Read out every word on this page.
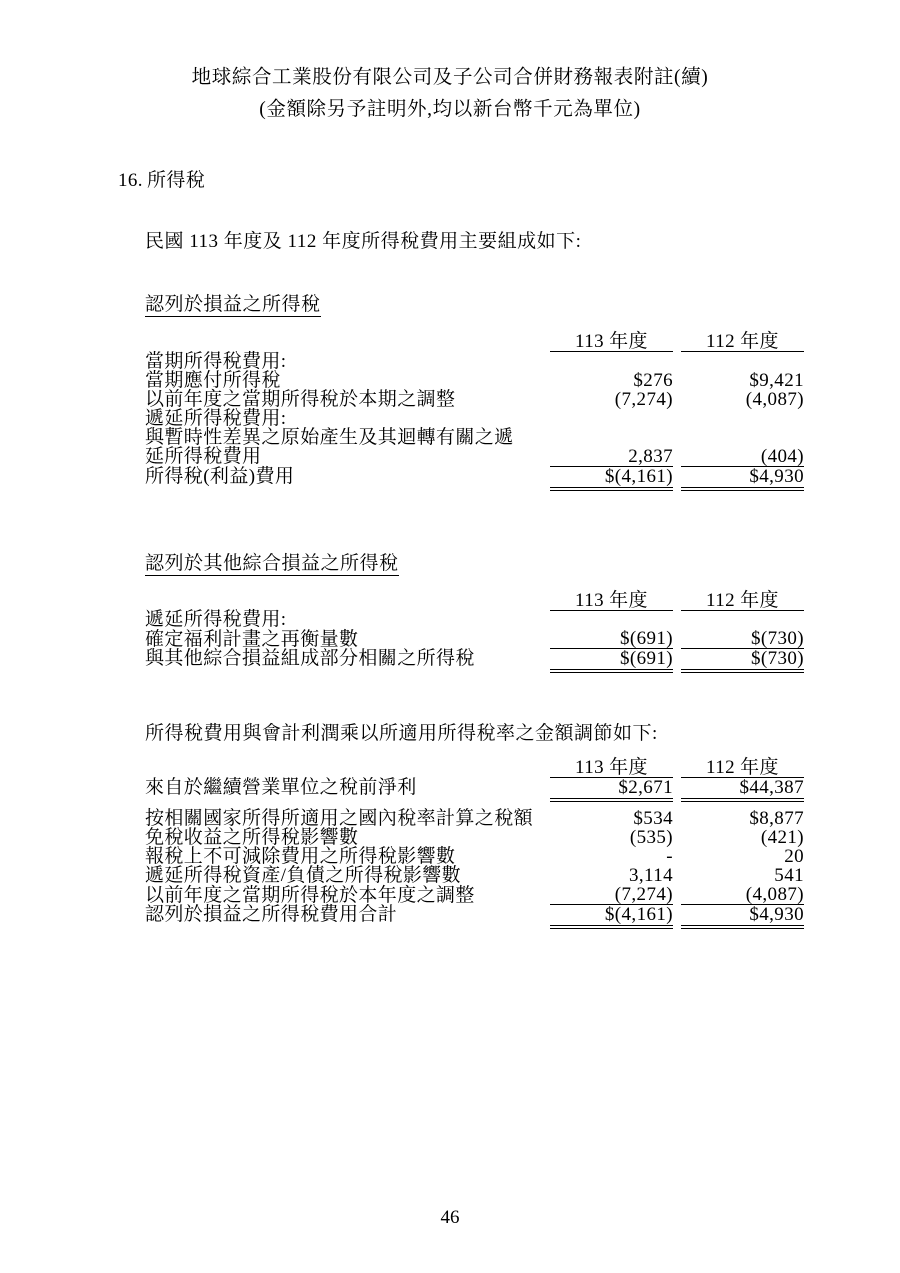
地球綜合工業股份有限公司及子公司合併財務報表附註(續)
(金額除另予註明外,均以新台幣千元為單位)
16. 所得稅
民國 113 年度及 112 年度所得稅費用主要組成如下:
認列於損益之所得稅

	113 年度		112 年度
當期所得稅費用:			
當期應付所得稅	$276		$9,421
以前年度之當期所得稅於本期之調整	(7,274)		(4,087)
遞延所得稅費用:			
與暫時性差異之原始產生及其迴轉有關之遞			
延所得稅費用	2,837		(404)
所得稅(利益)費用	$(4,161)		$4,930
認列於其他綜合損益之所得稅

	113 年度		112 年度
遞延所得稅費用:			
確定福利計畫之再衡量數	$(691)		$(730)
與其他綜合損益組成部分相關之所得稅	$(691)		$(730)
所得稅費用與會計利潤乘以所適用所得稅率之金額調節如下:

	113 年度		112 年度
來自於繼續營業單位之稅前淨利	$2,671		$44,387
按相關國家所得所適用之國內稅率計算之稅額	$534		$8,877
免稅收益之所得稅影響數	(535)		(421)
報稅上不可減除費用之所得稅影響數	-		20
遞延所得稅資產/負債之所得稅影響數	3,114		541
以前年度之當期所得稅於本年度之調整	(7,274)		(4,087)
認列於損益之所得稅費用合計	$(4,161)		$4,930
46
